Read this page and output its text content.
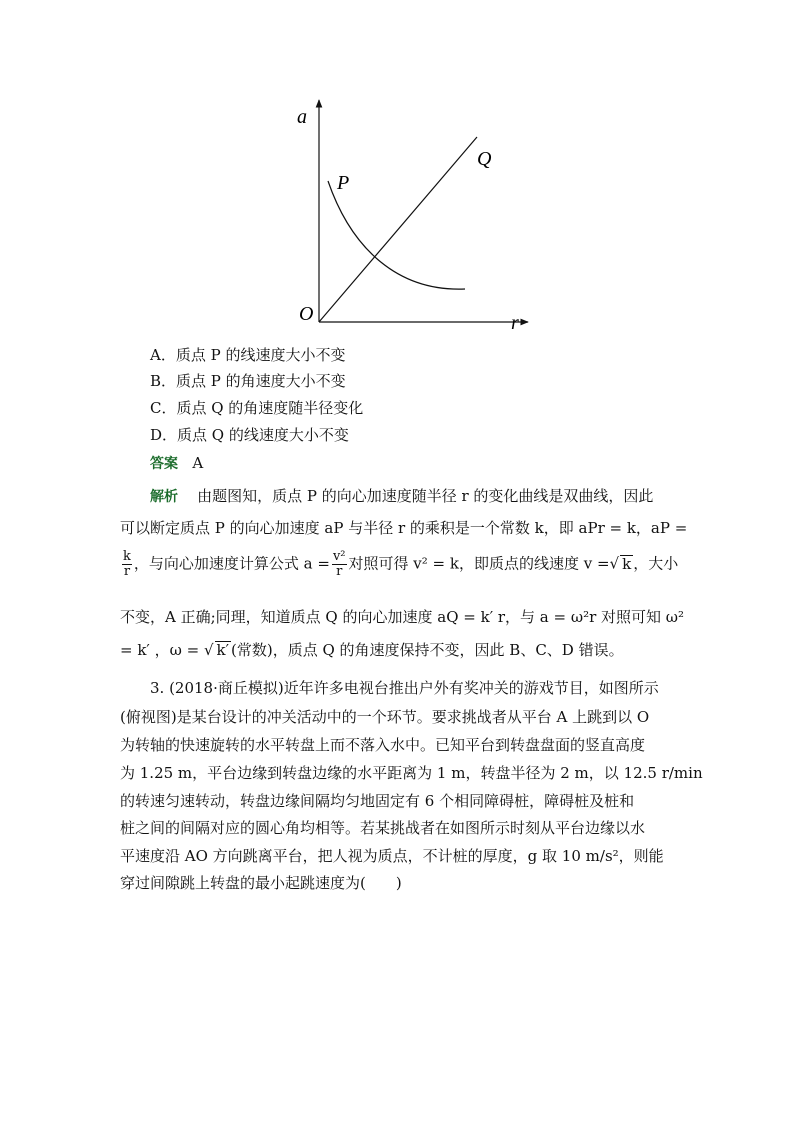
a
r
O
P
Q
A．质点 P 的线速度大小不变
B．质点 P 的角速度大小不变
C．质点 Q 的角速度随半径变化
D．质点 Q 的线速度大小不变
答案 A
解析 由题图知，质点 P 的向心加速度随半径 r 的变化曲线是双曲线，因此
可以断定质点 P 的向心加速度 aP 与半径 r 的乘积是一个常数 k，即 aPr = k，aP =
$\frac{k}{r}$ ，与向心加速度计算公式 $a = \frac{\text{v²}}{r}$ 对照可得 v² = k，即质点的线速度 v =√ k ，大小
不变，A 正确;同理，知道质点 Q 的向心加速度 aQ = k′ r，与 a = ω²r 对照可知 ω²
= k′ ，ω = √ k′ (常数)，质点 Q 的角速度保持不变，因此 B、C、D 错误。
3. (2018·商丘模拟)近年许多电视台推出户外有奖冲关的游戏节目，如图所示
(俯视图)是某台设计的冲关活动中的一个环节。要求挑战者从平台 A 上跳到以 O
为转轴的快速旋转的水平转盘上而不落入水中。已知平台到转盘盘面的竖直高度
为 1.25 m，平台边缘到转盘边缘的水平距离为 1 m，转盘半径为 2 m，以 12.5 r/min
的转速匀速转动，转盘边缘间隔均匀地固定有 6 个相同障碍桩，障碍桩及桩和
桩之间的间隔对应的圆心角均相等。若某挑战者在如图所示时刻从平台边缘以水
平速度沿 AO 方向跳离平台，把人视为质点，不计桩的厚度，g 取 10 m/s²，则能
穿过间隙跳上转盘的最小起跳速度为(　　)
